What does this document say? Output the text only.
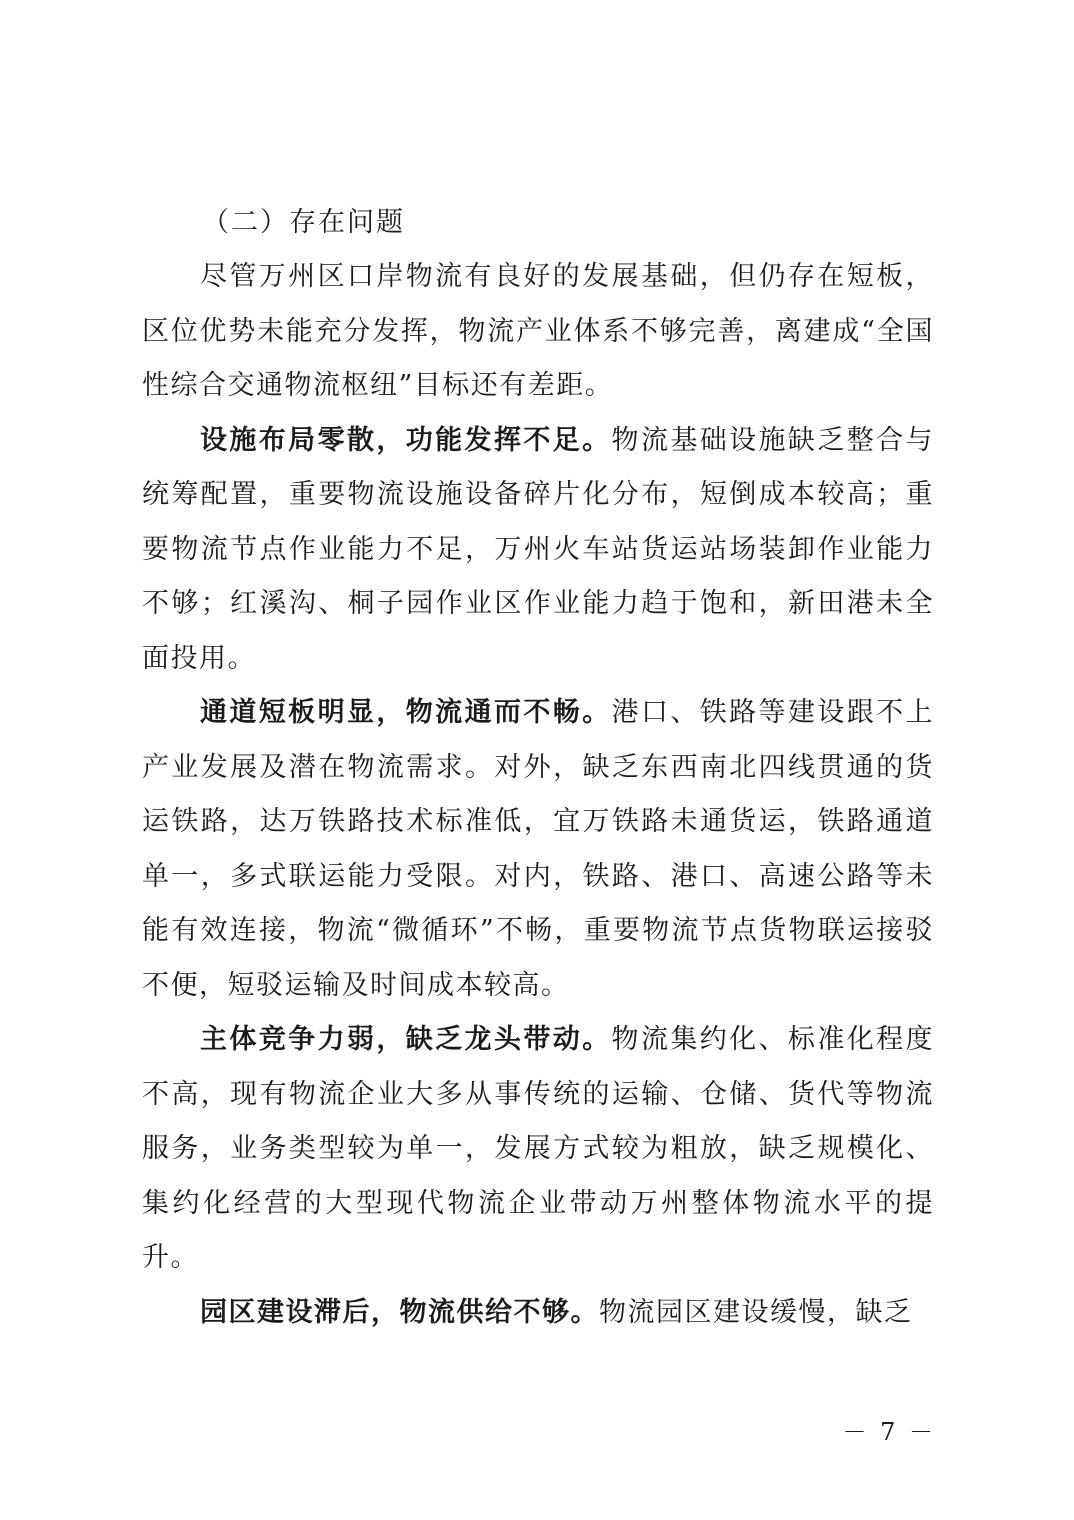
（二）存在问题

尽管万州区口岸物流有良好的发展基础，但仍存在短板，区位优势未能充分发挥，物流产业体系不够完善，离建成“全国性综合交通物流枢纽”目标还有差距。

设施布局零散，功能发挥不足。物流基础设施缺乏整合与统筹配置，重要物流设施设备碎片化分布，短倒成本较高；重要物流节点作业能力不足，万州火车站货运站场装卸作业能力不够；红溪沟、桐子园作业区作业能力趋于饱和，新田港未全面投用。

通道短板明显，物流通而不畅。港口、铁路等建设跟不上产业发展及潜在物流需求。对外，缺乏东西南北四线贯通的货运铁路，达万铁路技术标准低，宜万铁路未通货运，铁路通道单一，多式联运能力受限。对内，铁路、港口、高速公路等未能有效连接，物流“微循环”不畅，重要物流节点货物联运接驳不便，短驳运输及时间成本较高。

主体竞争力弱，缺乏龙头带动。物流集约化、标准化程度不高，现有物流企业大多从事传统的运输、仓储、货代等物流服务，业务类型较为单一，发展方式较为粗放，缺乏规模化、集约化经营的大型现代物流企业带动万州整体物流水平的提升。

园区建设滞后，物流供给不够。物流园区建设缓慢，缺乏

－ 7 －
